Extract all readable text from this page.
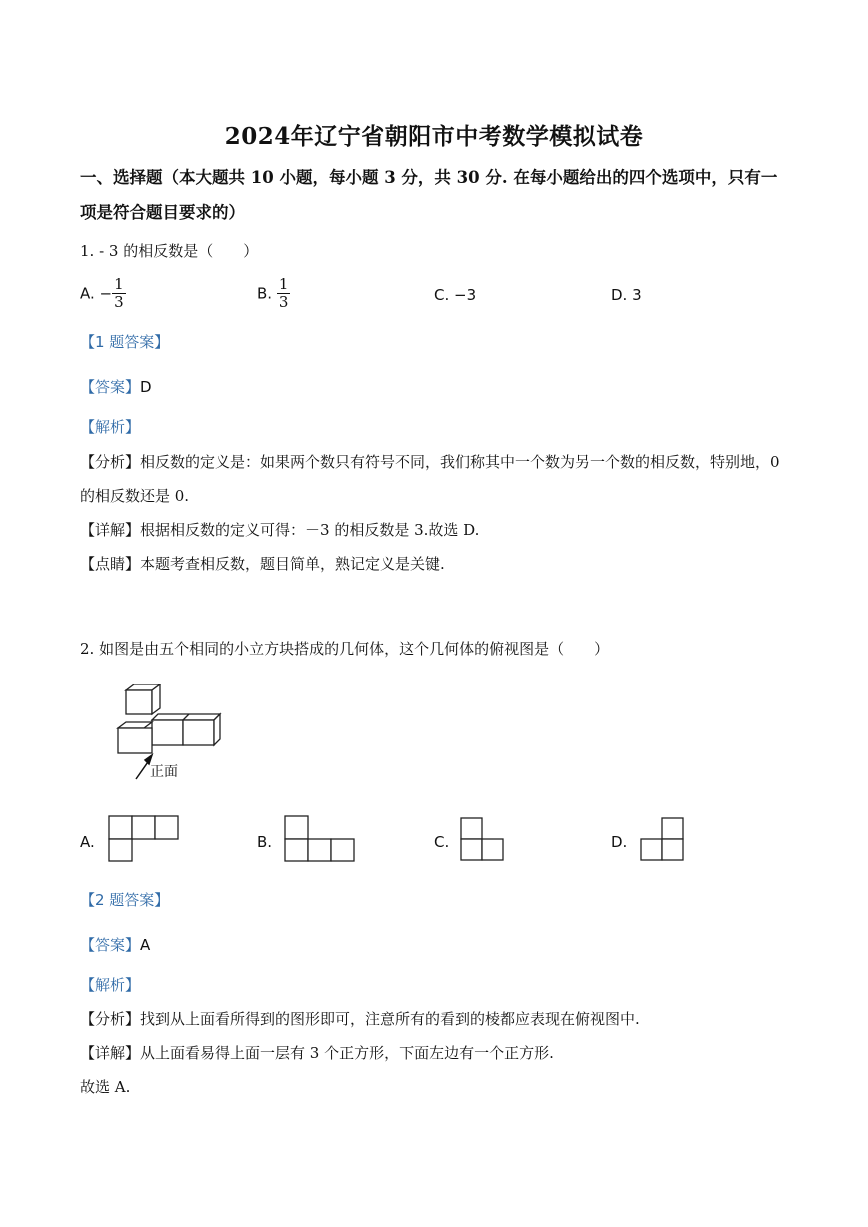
2024年辽宁省朝阳市中考数学模拟试卷
一、选择题（本大题共 10 小题，每小题 3 分，共 30 分. 在每小题给出的四个选项中，只有一
项是符合题目要求的）
1. - 3 的相反数是（　　）
A. − $\frac{1}{3}$	B. $\frac{1}{3}$	C. −3	D. 3
【1 题答案】
【答案】D
【解析】
【分析】相反数的定义是：如果两个数只有符号不同，我们称其中一个数为另一个数的相反数，特别地，0
的相反数还是 0.
【详解】根据相反数的定义可得：－3 的相反数是 3.故选 D.
【点睛】本题考查相反数，题目简单，熟记定义是关键.
2. 如图是由五个相同的小立方块搭成的几何体，这个几何体的俯视图是（　　）
正面
A.	B.	C.	D.
【2 题答案】
【答案】A
【解析】
【分析】找到从上面看所得到的图形即可，注意所有的看到的棱都应表现在俯视图中.
【详解】从上面看易得上面一层有 3 个正方形，下面左边有一个正方形.
故选 A.
